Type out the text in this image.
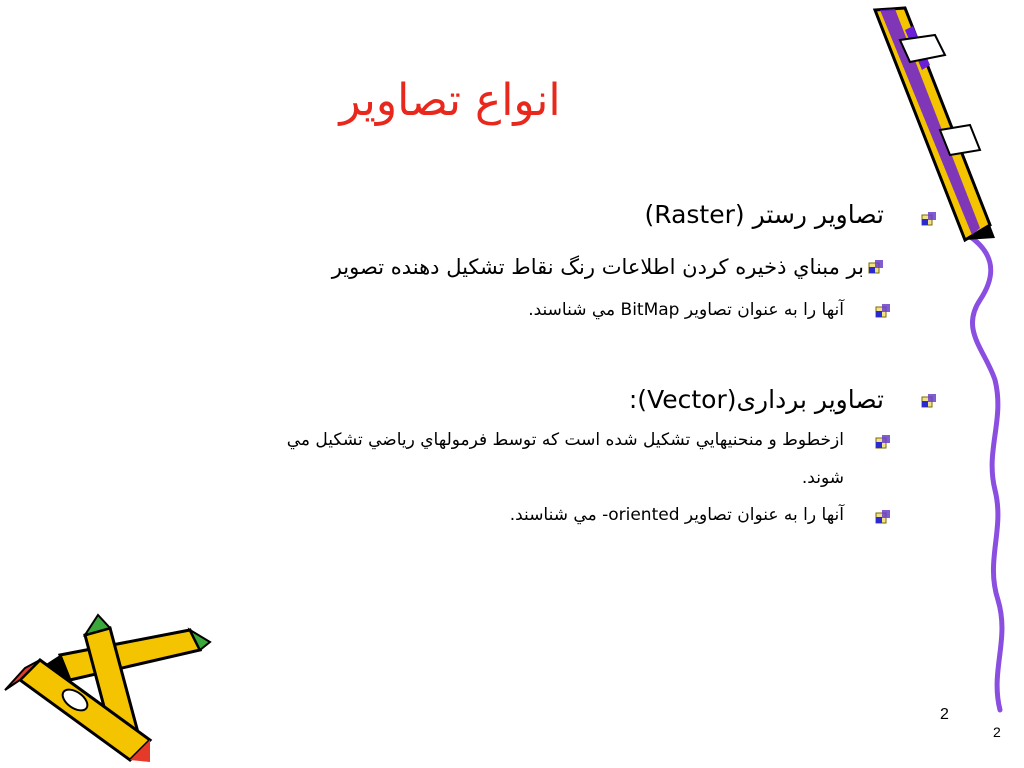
انواع تصاوير
تصاوير رستر (Raster)
بر مبناي ذخيره كردن اطلاعات رنگ نقاط تشكيل دهنده تصوير
آنها را به عنوان تصاوير BitMap مي شناسند.
تصاوير بردارى(Vector):
ازخطوط و منحنيهايي تشكيل شده است كه توسط فرمولهاي رياضي تشكيل مي
شوند.
آنها را به عنوان تصاوير oriented- مي شناسند.
2
2
